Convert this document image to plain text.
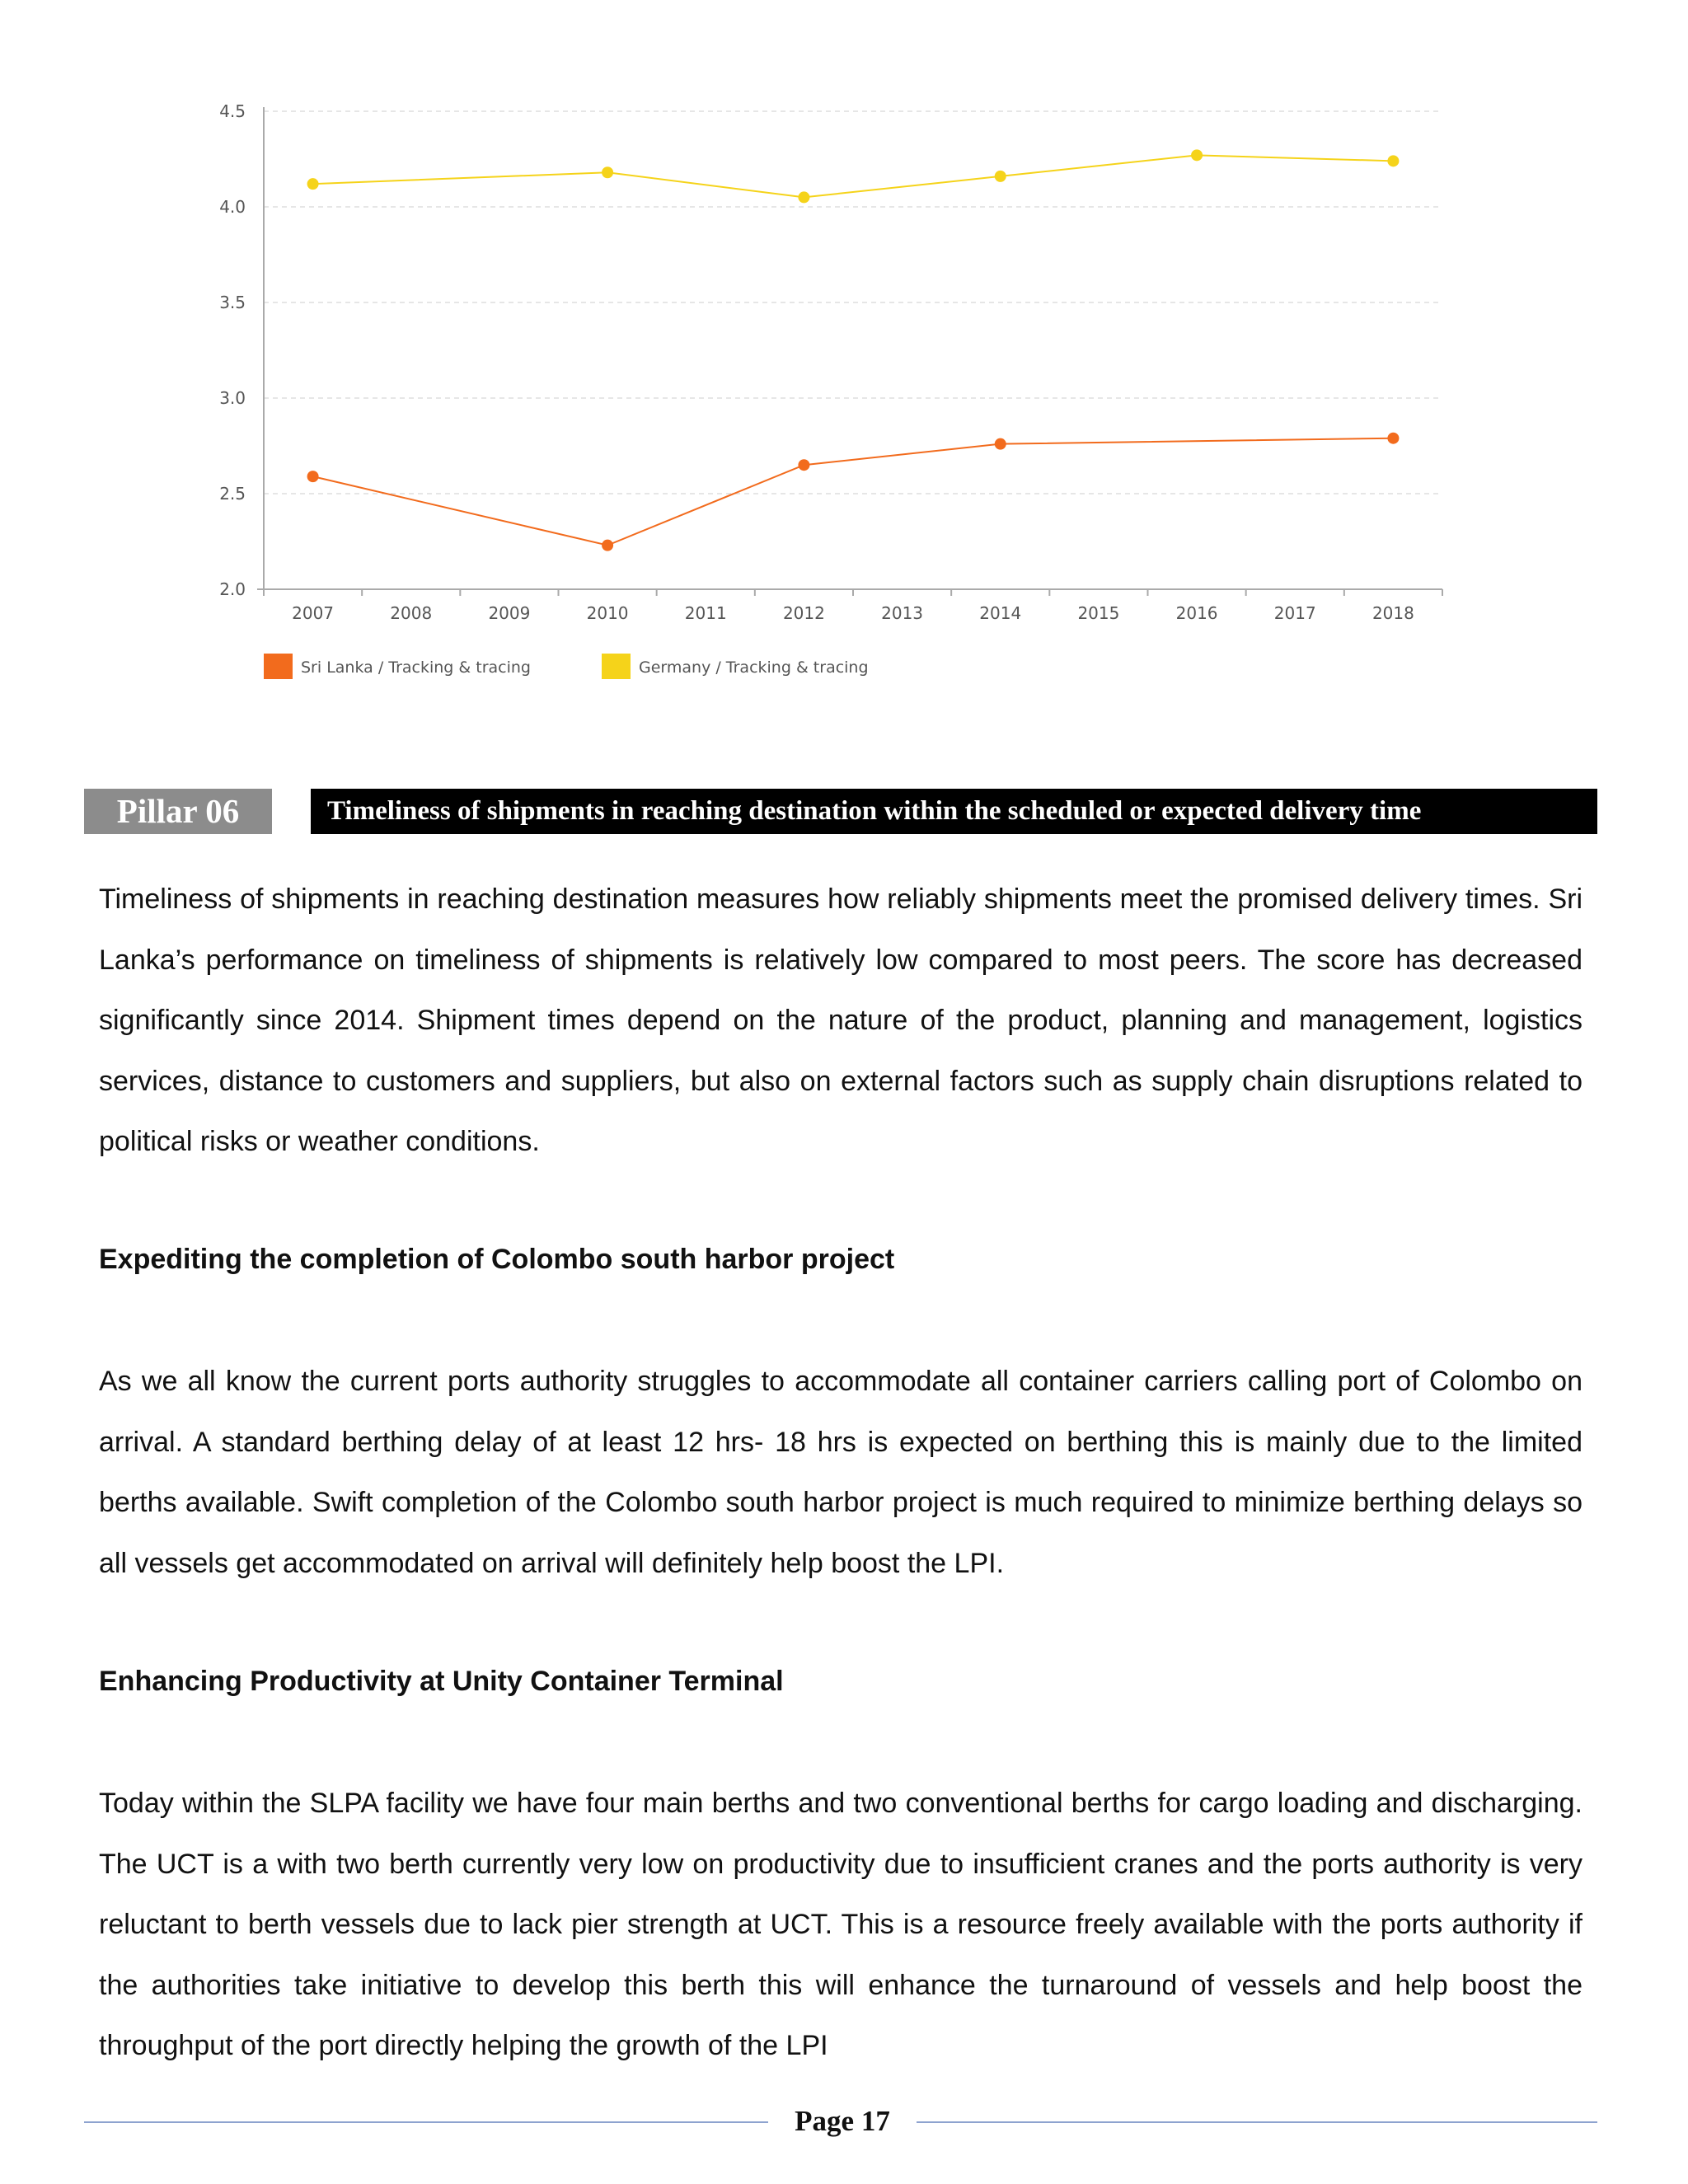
2.0
2.5
3.0
3.5
4.0
4.5
2007	2008	2009	2010	2011	2012	2013	2014	2015	2016	2017	2018
Sri Lanka / Tracking & tracing	Germany / Tracking & tracing
Pillar 06	Timeliness of shipments in reaching destination within the scheduled or expected delivery time

Timeliness of shipments in reaching destination measures how reliably shipments meet the promised delivery times. Sri Lanka’s performance on timeliness of shipments is relatively low compared to most peers. The score has decreased significantly since 2014. Shipment times depend on the nature of the product, planning and management, logistics services, distance to customers and suppliers, but also on external factors such as supply chain disruptions related to political risks or weather conditions.

Expediting the completion of Colombo south harbor project

As we all know the current ports authority struggles to accommodate all container carriers calling port of Colombo on arrival. A standard berthing delay of at least 12 hrs- 18 hrs is expected on berthing this is mainly due to the limited berths available. Swift completion of the Colombo south harbor project is much required to minimize berthing delays so all vessels get accommodated on arrival will definitely help boost the LPI.

Enhancing Productivity at Unity Container Terminal

Today within the SLPA facility we have four main berths and two conventional berths for cargo loading and discharging. The UCT is a with two berth currently very low on productivity due to insufficient cranes and the ports authority is very reluctant to berth vessels due to lack pier strength at UCT. This is a resource freely available with the ports authority if the authorities take initiative to develop this berth this will enhance the turnaround of vessels and help boost the throughput of the port directly helping the growth of the LPI

Page 17
